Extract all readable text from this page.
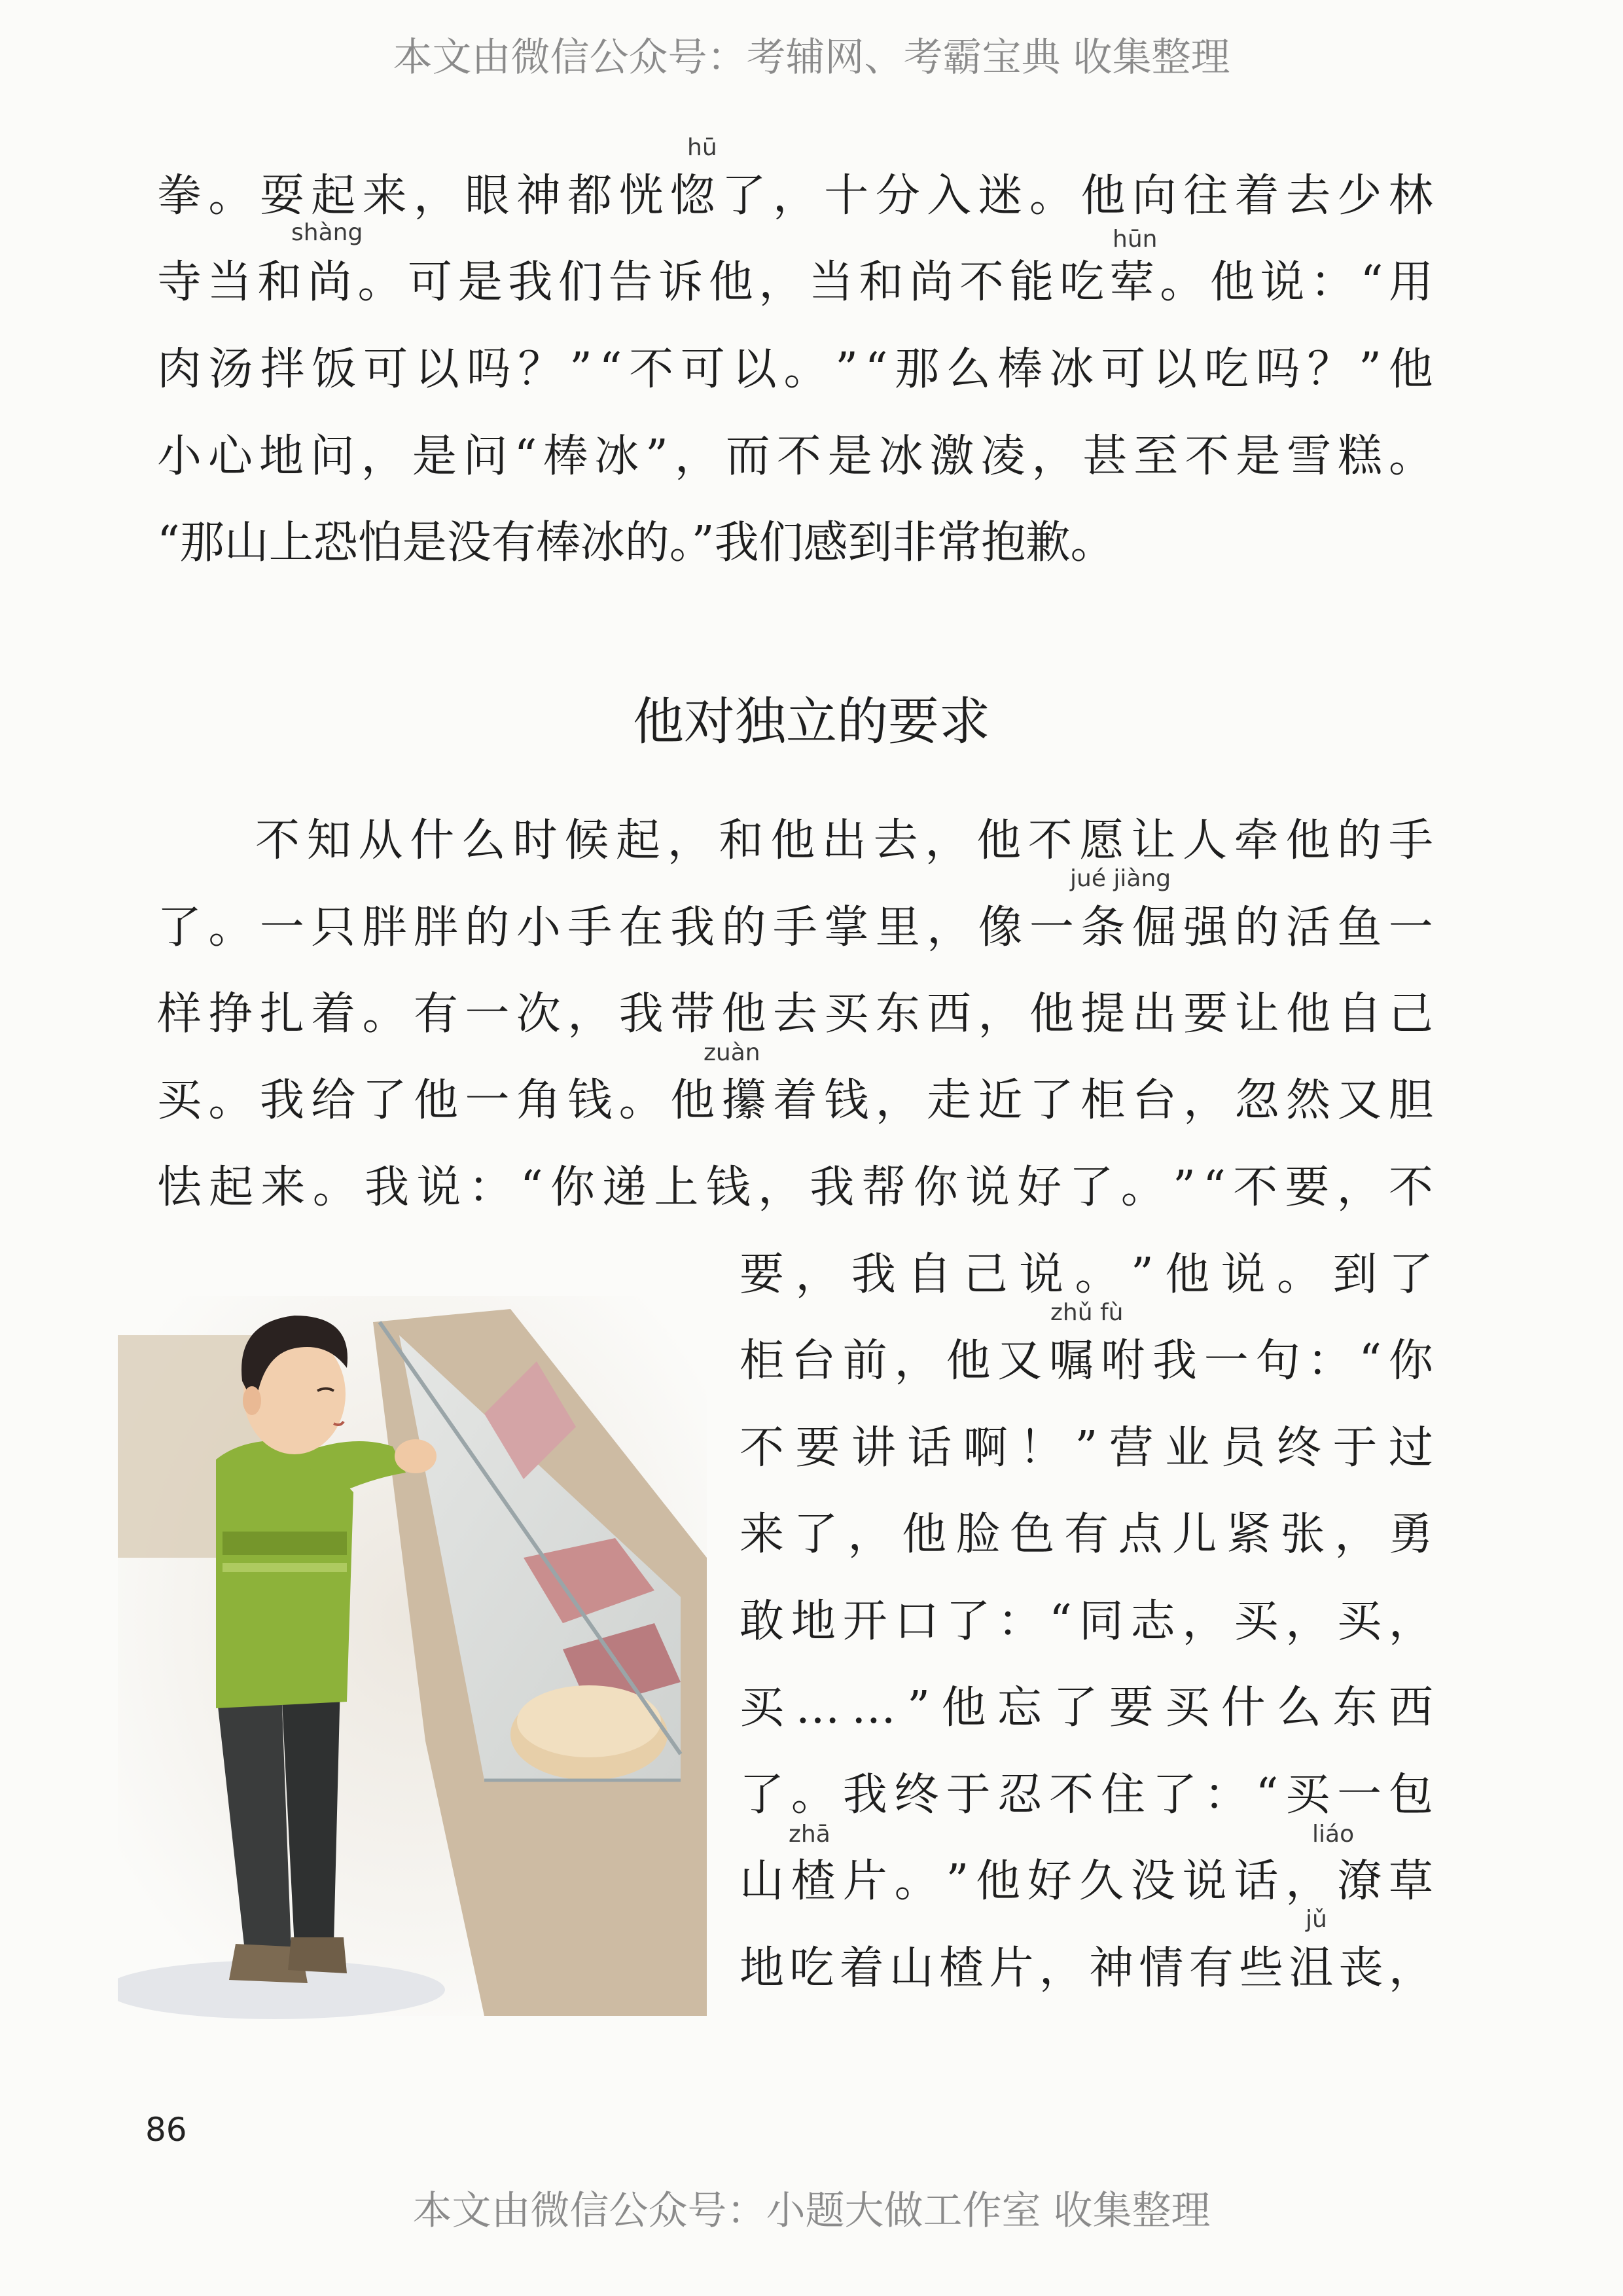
本文由微信公众号：考辅网、考霸宝典 收集整理
hū
拳 。 耍 起 来 ， 眼 神 都 恍 惚 了 ， 十 分 入 迷 。 他 向 往 着 去 少 林
shàng	hūn
寺 当 和 尚 。 可 是 我 们 告 诉 他 ， 当 和 尚 不 能 吃 荤 。 他 说 ： “ 用
肉 汤 拌 饭 可 以 吗 ？ ” “ 不 可 以 。 ” “ 那 么 棒 冰 可 以 吃 吗 ？ ” 他
小 心 地 问 ， 是 问 “ 棒 冰 ” ， 而 不 是 冰 激 凌 ， 甚 至 不 是 雪 糕 。
“那山上恐怕是没有棒冰的。”我们感到非常抱歉。
他对独立的要求
不 知 从 什 么 时 候 起 ， 和 他 出 去 ， 他 不 愿 让 人 牵 他 的 手
jué jiàng
了 。 一 只 胖 胖 的 小 手 在 我 的 手 掌 里 ， 像 一 条 倔 强 的 活 鱼 一
样 挣 扎 着 。 有 一 次 ， 我 带 他 去 买 东 西 ， 他 提 出 要 让 他 自 己
zuàn
买 。 我 给 了 他 一 角 钱 。 他 攥 着 钱 ， 走 近 了 柜 台 ， 忽 然 又 胆
怯 起 来 。 我 说 ： “ 你 递 上 钱 ， 我 帮 你 说 好 了 。 ” “ 不 要 ， 不
要 ， 我 自 己 说 。 ” 他 说 。 到 了
zhǔ fù
柜 台 前 ， 他 又 嘱 咐 我 一 句 ： “ 你
不 要 讲 话 啊 ！ ” 营 业 员 终 于 过
来 了 ， 他 脸 色 有 点 儿 紧 张 ， 勇
敢 地 开 口 了 ： “ 同 志 ， 买 ， 买 ，
买 … … ” 他 忘 了 要 买 什 么 东 西
了 。 我 终 于 忍 不 住 了 ： “ 买 一 包
zhā	liáo
山 楂 片 。 ” 他 好 久 没 说 话 ， 潦 草
jǔ
地 吃 着 山 楂 片 ， 神 情 有 些 沮 丧 ，
86
本文由微信公众号：小题大做工作室 收集整理
